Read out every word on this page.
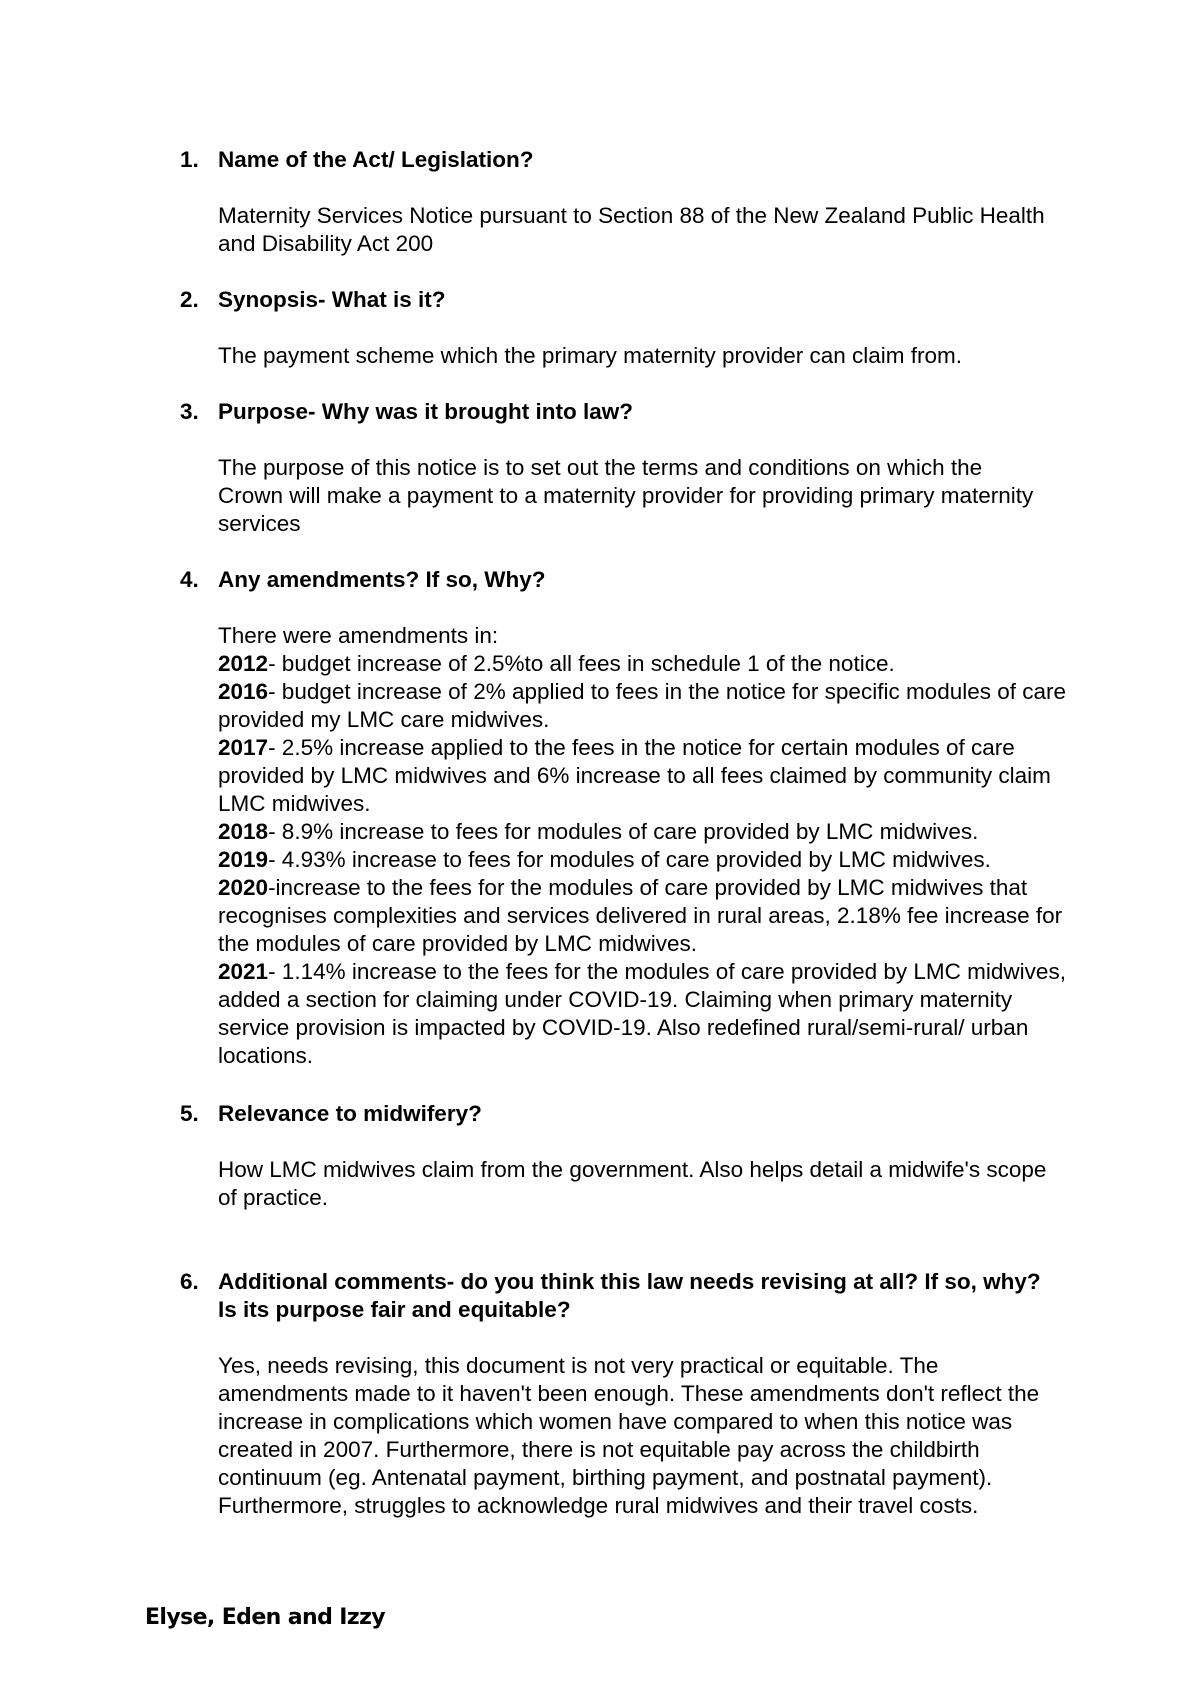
1. Name of the Act/ Legislation?
Maternity Services Notice pursuant to Section 88 of the New Zealand Public Health and Disability Act 200
2. Synopsis- What is it?
The payment scheme which the primary maternity provider can claim from.
3. Purpose- Why was it brought into law?
The purpose of this notice is to set out the terms and conditions on which the Crown will make a payment to a maternity provider for providing primary maternity services
4. Any amendments? If so, Why?

There were amendments in:

2012- budget increase of 2.5%to all fees in schedule 1 of the notice.

2016- budget increase of 2% applied to fees in the notice for specific modules of care provided my LMC care midwives.

2017- 2.5% increase applied to the fees in the notice for certain modules of care provided by LMC midwives and 6% increase to all fees claimed by community claim LMC midwives.

2018- 8.9% increase to fees for modules of care provided by LMC midwives.

2019- 4.93% increase to fees for modules of care provided by LMC midwives.

2020-increase to the fees for the modules of care provided by LMC midwives that recognises complexities and services delivered in rural areas, 2.18% fee increase for the modules of care provided by LMC midwives.

2021- 1.14% increase to the fees for the modules of care provided by LMC midwives, added a section for claiming under COVID-19. Claiming when primary maternity service provision is impacted by COVID-19. Also redefined rural/semi-rural/ urban locations.

5. Relevance to midwifery?
How LMC midwives claim from the government. Also helps detail a midwife's scope of practice.
6. Additional comments- do you think this law needs revising at all? If so, why? Is its purpose fair and equitable?
Yes, needs revising, this document is not very practical or equitable. The amendments made to it haven't been enough. These amendments don't reflect the increase in complications which women have compared to when this notice was created in 2007. Furthermore, there is not equitable pay across the childbirth continuum (eg. Antenatal payment, birthing payment, and postnatal payment). Furthermore, struggles to acknowledge rural midwives and their travel costs.
Elyse, Eden and Izzy
